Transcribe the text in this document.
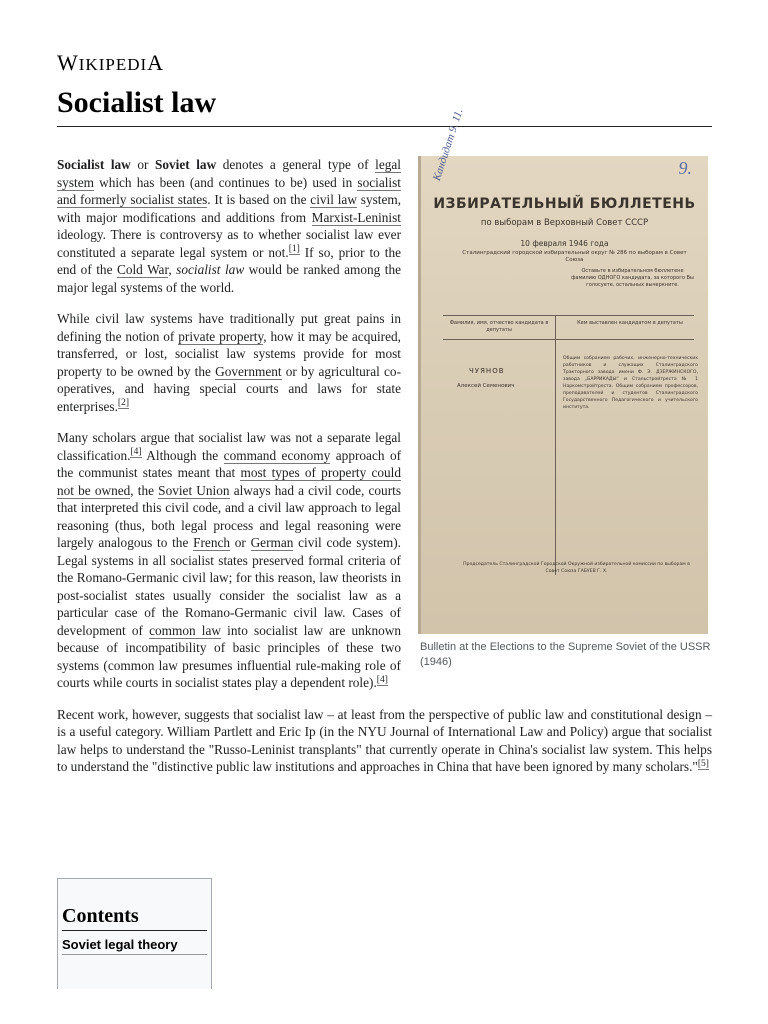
WIKIPEDIA
Socialist law
9.
Кандидат 9. 11.
ИЗБИРАТЕЛЬНЫЙ БЮЛЛЕТЕНЬ
по выборам в Верховный Совет СССР
10 февраля 1946 года
Сталинградский городской избирательный округ № 286 по выборам в Совет Союза
Оставьте в избирательном бюллетене фамилию ОДНОГО кандидата, за которого Вы голосуете, остальных вычеркните.
Фамилия, имя, отчество кандидата в депутаты
Кем выставлен кандидатом в депутаты
ЧУЯНОВ
Алексей Семенович
Общим собранием рабочих, инженерно-технических работников и служащих Сталинградского Тракторного завода имени Ф. Э. ДЗЕРЖИНСКОГО, завода „БАРРИКАДЫ“ и Стальстройтреста № 1 Наркомстройтреста. Общим собранием профессоров, преподавателей и студентов Сталинградского Государственного Педагогического и учительского института.
Председатель Сталинградской Городской Окружной избирательной комиссии по выборам в Совет Союза ГАБУЕВ Г. Х.
Bulletin at the Elections to the Supreme Soviet of the USSR (1946)

Socialist law or Soviet law denotes a general type of legal system which has been (and continues to be) used in socialist and formerly socialist states. It is based on the civil law system, with major modifications and additions from Marxist-Leninist ideology. There is controversy as to whether socialist law ever constituted a separate legal system or not.[1] If so, prior to the end of the Cold War, socialist law would be ranked among the major legal systems of the world.

While civil law systems have traditionally put great pains in defining the notion of private property, how it may be acquired, transferred, or lost, socialist law systems provide for most property to be owned by the Government or by agricultural co-operatives, and having special courts and laws for state enterprises.[2]

Many scholars argue that socialist law was not a separate legal classification.[4] Although the command economy approach of the communist states meant that most types of property could not be owned, the Soviet Union always had a civil code, courts that interpreted this civil code, and a civil law approach to legal reasoning (thus, both legal process and legal reasoning were largely analogous to the French or German civil code system). Legal systems in all socialist states preserved formal criteria of the Romano-Germanic civil law; for this reason, law theorists in post-socialist states usually consider the socialist law as a particular case of the Romano-Germanic civil law. Cases of development of common law into socialist law are unknown because of incompatibility of basic principles of these two systems (common law presumes influential rule-making role of courts while courts in socialist states play a dependent role).[4]

Recent work, however, suggests that socialist law – at least from the perspective of public law and constitutional design – is a useful category. William Partlett and Eric Ip (in the NYU Journal of International Law and Policy) argue that socialist law helps to understand the "Russo-Leninist transplants" that currently operate in China's socialist law system. This helps to understand the "distinctive public law institutions and approaches in China that have been ignored by many scholars."[5]

Contents
Soviet legal theory
